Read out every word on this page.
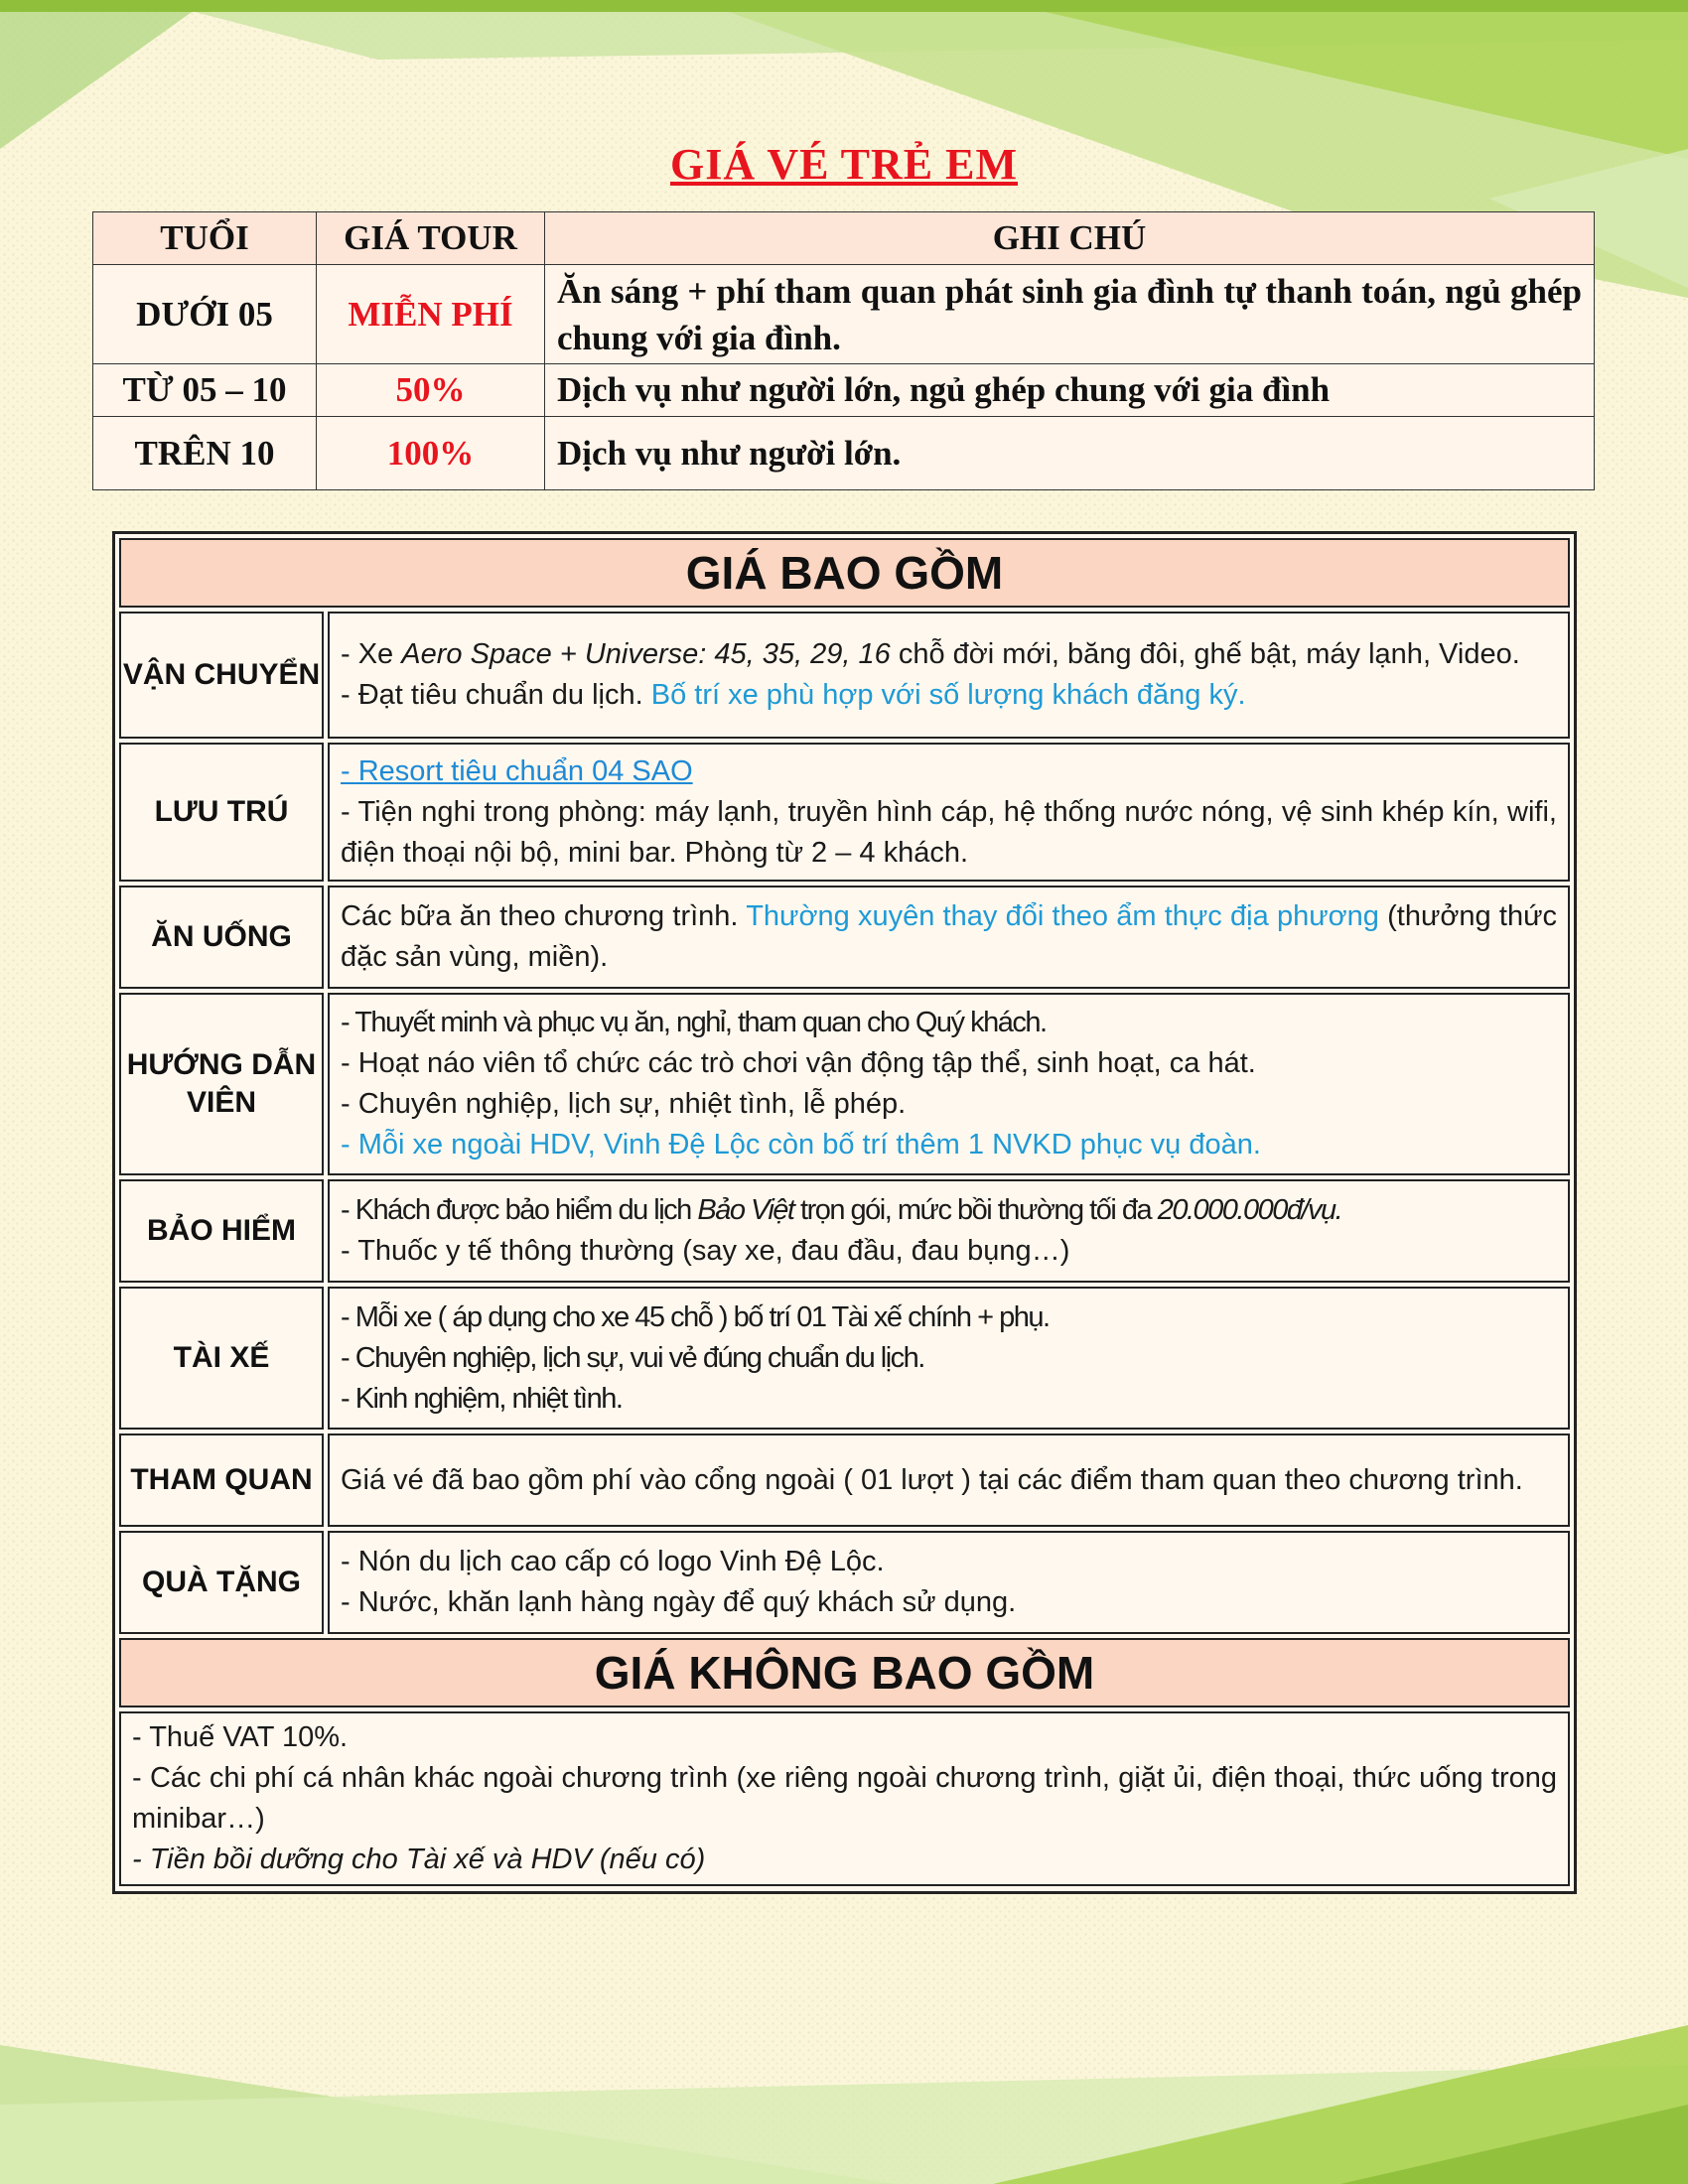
GIÁ VÉ TRẺ EM
TUỔI	GIÁ TOUR	GHI CHÚ
DƯỚI 05	MIỄN PHÍ	Ăn sáng + phí tham quan phát sinh gia đình tự thanh toán, ngủ ghép chung với gia đình.
TỪ 05 – 10	50%	Dịch vụ như người lớn, ngủ ghép chung với gia đình
TRÊN 10	100%	Dịch vụ như người lớn.
GIÁ BAO GỒM	
VẬN CHUYỂN	- Xe Aero Space + Universe: 45, 35, 29, 16 chỗ đời mới, băng đôi, ghế bật, máy lạnh, Video.
- Đạt tiêu chuẩn du lịch. Bố trí xe phù hợp với số lượng khách đăng ký.

LƯU TRÚ	- Resort tiêu chuẩn 04 SAO
- Tiện nghi trong phòng: máy lạnh, truyền hình cáp, hệ thống nước nóng, vệ sinh khép kín, wifi, điện thoại nội bộ, mini bar. Phòng từ 2 – 4 khách.

ĂN UỐNG	Các bữa ăn theo chương trình. Thường xuyên thay đổi theo ẩm thực địa phương (thưởng thức đặc sản vùng, miền).
HƯỚNG DẪN VIÊN	- Thuyết minh và phục vụ ăn, nghỉ, tham quan cho Quý khách.
- Hoạt náo viên tổ chức các trò chơi vận động tập thể, sinh hoạt, ca hát.
- Chuyên nghiệp, lịch sự, nhiệt tình, lễ phép.
- Mỗi xe ngoài HDV, Vinh Đệ Lộc còn bố trí thêm 1 NVKD phục vụ đoàn.

BẢO HIỂM	- Khách được bảo hiểm du lịch Bảo Việt trọn gói, mức bồi thường tối đa 20.000.000đ/vụ.
- Thuốc y tế thông thường (say xe, đau đầu, đau bụng…)

TÀI XẾ	- Mỗi xe ( áp dụng cho xe 45 chỗ ) bố trí 01 Tài xế chính + phụ.
- Chuyên nghiệp, lịch sự, vui vẻ đúng chuẩn du lịch.
- Kinh nghiệm, nhiệt tình.

THAM QUAN	Giá vé đã bao gồm phí vào cổng ngoài ( 01 lượt ) tại các điểm tham quan theo chương trình.
QUÀ TẶNG	- Nón du lịch cao cấp có logo Vinh Đệ Lộc.
- Nước, khăn lạnh hàng ngày để quý khách sử dụng.

GIÁ KHÔNG BAO GỒM	

- Thuế VAT 10%.
- Các chi phí cá nhân khác ngoài chương trình (xe riêng ngoài chương trình, giặt ủi, điện thoại, thức uống trong minibar…)
- Tiền bồi dưỡng cho Tài xế và HDV (nếu có)	
